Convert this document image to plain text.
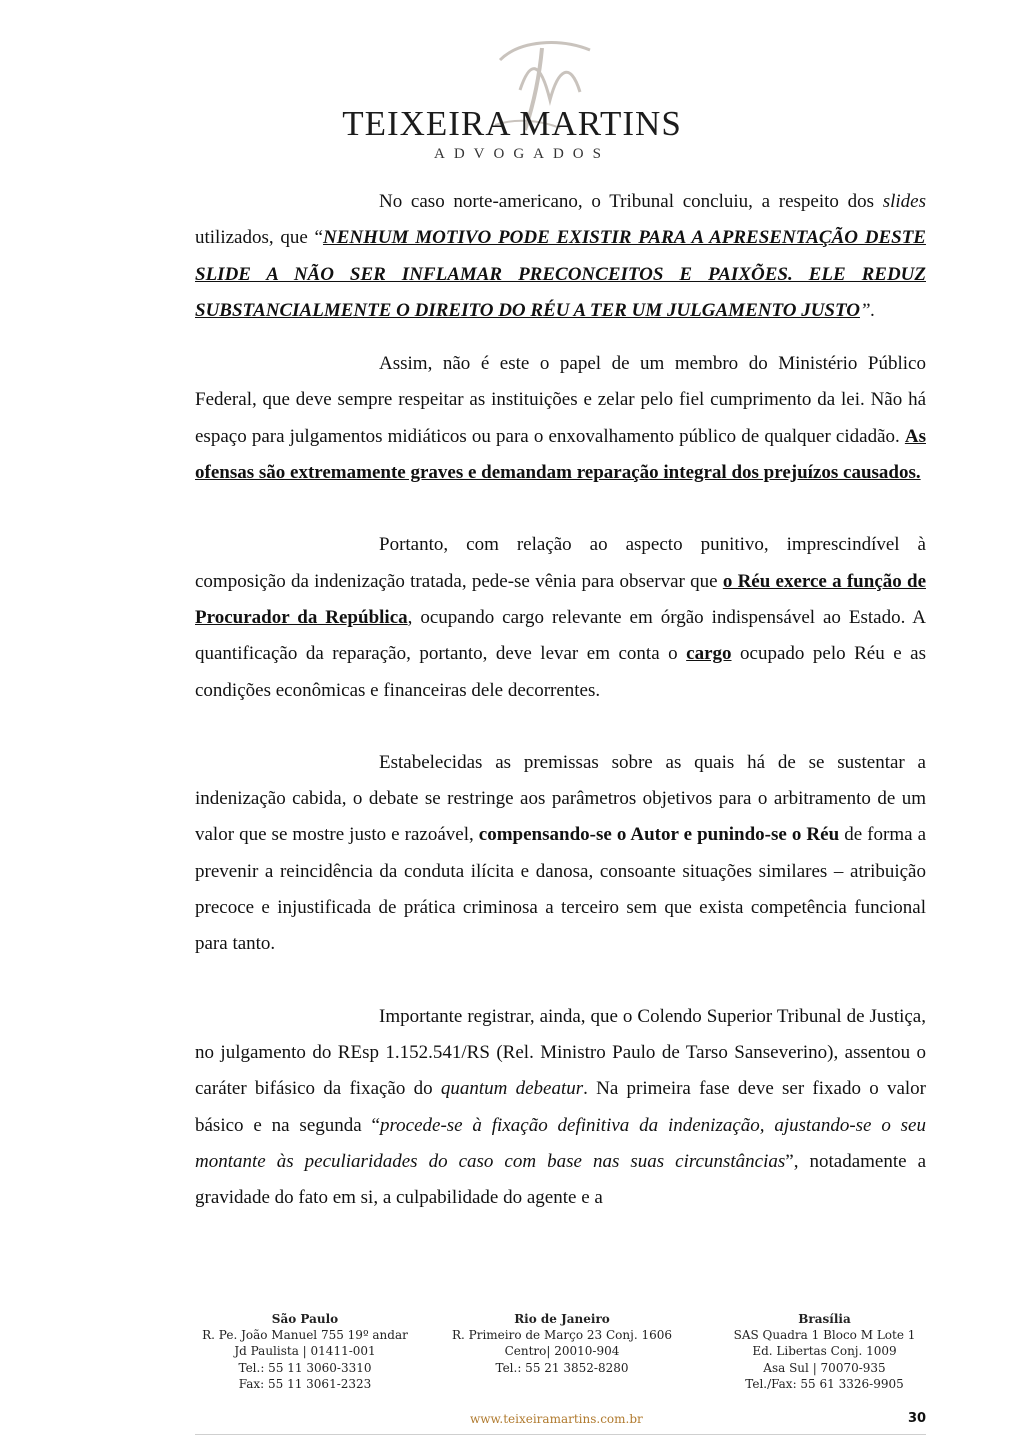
TEIXEIRA MARTINS
ADVOGADOS

No caso norte-americano, o Tribunal concluiu, a respeito dos slides utilizados, que “NENHUM MOTIVO PODE EXISTIR PARA A APRESENTAÇÃO DESTE SLIDE A NÃO SER INFLAMAR PRECONCEITOS E PAIXÕES. ELE REDUZ SUBSTANCIALMENTE O DIREITO DO RÉU A TER UM JULGAMENTO JUSTO”.

Assim, não é este o papel de um membro do Ministério Público Federal, que deve sempre respeitar as instituições e zelar pelo fiel cumprimento da lei. Não há espaço para julgamentos midiáticos ou para o enxovalhamento público de qualquer cidadão. As ofensas são extremamente graves e demandam reparação integral dos prejuízos causados.

Portanto, com relação ao aspecto punitivo, imprescindível à composição da indenização tratada, pede-se vênia para observar que o Réu exerce a função de Procurador da República, ocupando cargo relevante em órgão indispensável ao Estado. A quantificação da reparação, portanto, deve levar em conta o cargo ocupado pelo Réu e as condições econômicas e financeiras dele decorrentes.

Estabelecidas as premissas sobre as quais há de se sustentar a indenização cabida, o debate se restringe aos parâmetros objetivos para o arbitramento de um valor que se mostre justo e razoável, compensando-se o Autor e punindo-se o Réu de forma a prevenir a reincidência da conduta ilícita e danosa, consoante situações similares – atribuição precoce e injustificada de prática criminosa a terceiro sem que exista competência funcional para tanto.

Importante registrar, ainda, que o Colendo Superior Tribunal de Justiça, no julgamento do REsp 1.152.541/RS (Rel. Ministro Paulo de Tarso Sanseverino), assentou o caráter bifásico da fixação do quantum debeatur. Na primeira fase deve ser fixado o valor básico e na segunda “procede-se à fixação definitiva da indenização, ajustando-se o seu montante às peculiaridades do caso com base nas suas circunstâncias”, notadamente a gravidade do fato em si, a culpabilidade do agente e a

São Paulo
R. Pe. João Manuel 755 19º andar
Jd Paulista | 01411-001
Tel.: 55 11 3060-3310
Fax: 55 11 3061-2323
Rio de Janeiro
R. Primeiro de Março 23 Conj. 1606
Centro| 20010-904
Tel.: 55 21 3852-8280
Brasília
SAS Quadra 1 Bloco M Lote 1
Ed. Libertas Conj. 1009
Asa Sul | 70070-935
Tel./Fax: 55 61 3326-9905
www.teixeiramartins.com.br	30
